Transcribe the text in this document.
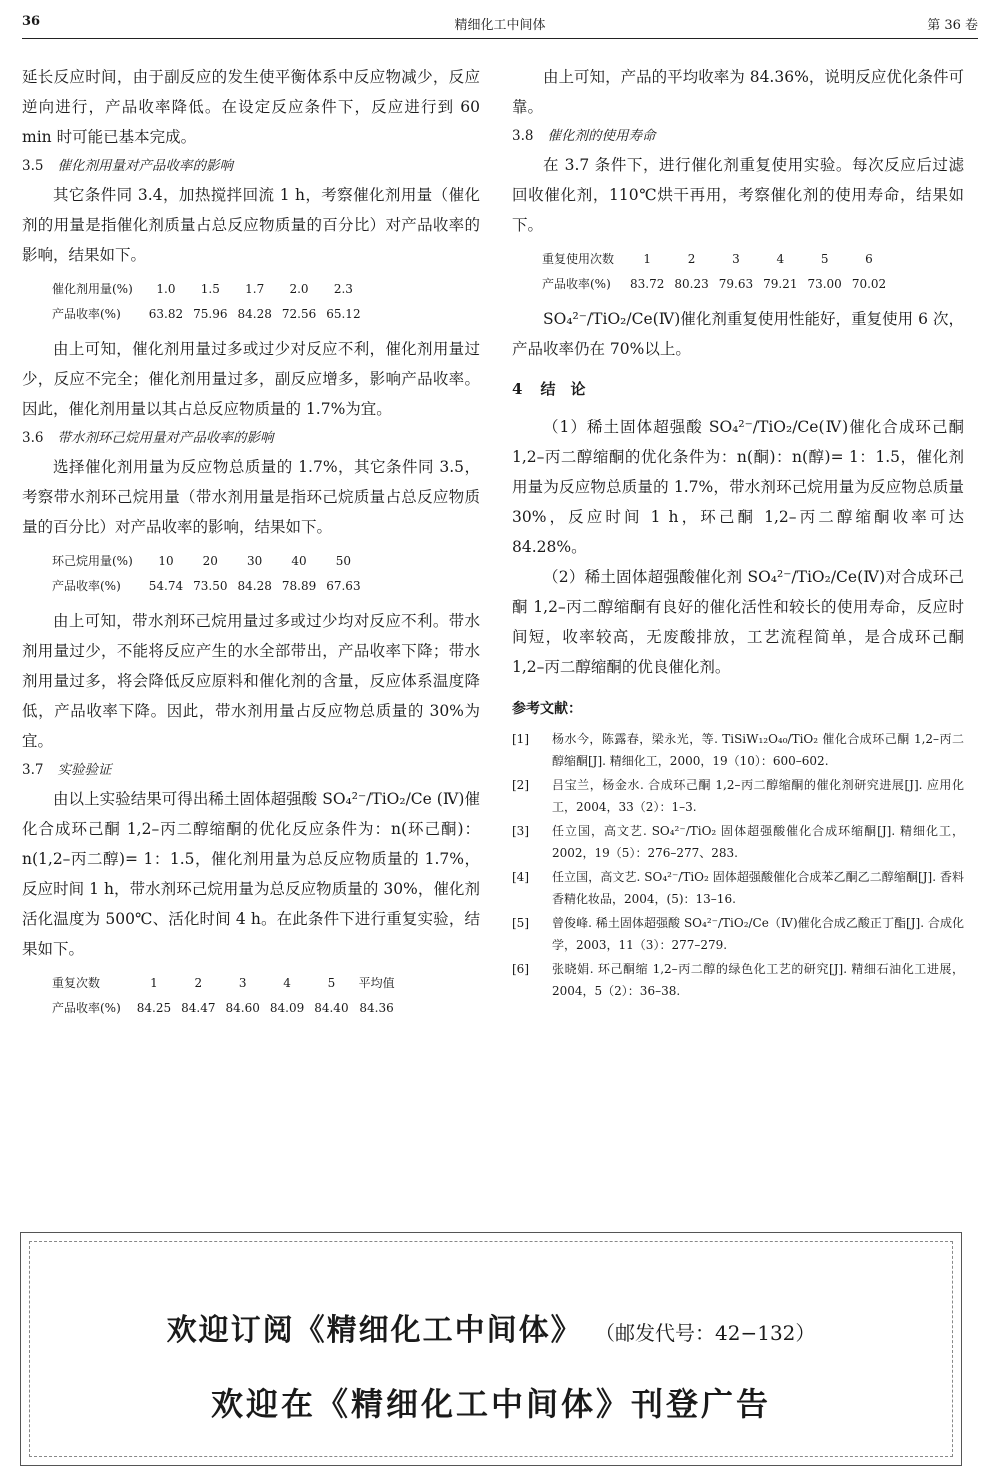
36	精细化工中间体	第 36 卷

延长反应时间，由于副反应的发生使平衡体系中反应物减少，反应逆向进行，产品收率降低。在设定反应条件下，反应进行到 60 min 时可能已基本完成。

3.5 催化剂用量对产品收率的影响

其它条件同 3.4，加热搅拌回流 1 h，考察催化剂用量（催化剂的用量是指催化剂质量占总反应物质量的百分比）对产品收率的影响，结果如下。

催化剂用量(%)	1.0	1.5	1.7	2.0	2.3
产品收率(%)	63.82	75.96	84.28	72.56	65.12

由上可知，催化剂用量过多或过少对反应不利，催化剂用量过少，反应不完全；催化剂用量过多，副反应增多，影响产品收率。因此，催化剂用量以其占总反应物质量的 1.7%为宜。

3.6 带水剂环己烷用量对产品收率的影响

选择催化剂用量为反应物总质量的 1.7%，其它条件同 3.5，考察带水剂环己烷用量（带水剂用量是指环己烷质量占总反应物质量的百分比）对产品收率的影响，结果如下。

环己烷用量(%)	10	20	30	40	50
产品收率(%)	54.74	73.50	84.28	78.89	67.63

由上可知，带水剂环己烷用量过多或过少均对反应不利。带水剂用量过少，不能将反应产生的水全部带出，产品收率下降；带水剂用量过多，将会降低反应原料和催化剂的含量，反应体系温度降低，产品收率下降。因此，带水剂用量占反应物总质量的 30%为宜。

3.7 实验验证

由以上实验结果可得出稀土固体超强酸 SO₄²⁻/TiO₂/Ce (Ⅳ)催化合成环己酮 1,2–丙二醇缩酮的优化反应条件为：n(环己酮)：n(1,2–丙二醇)= 1：1.5，催化剂用量为总反应物质量的 1.7%，反应时间 1 h，带水剂环己烷用量为总反应物质量的 30%，催化剂活化温度为 500℃、活化时间 4 h。在此条件下进行重复实验，结果如下。

重复次数	1	2	3	4	5	平均值
产品收率(%)	84.25	84.47	84.60	84.09	84.40	84.36

由上可知，产品的平均收率为 84.36%，说明反应优化条件可靠。

3.8 催化剂的使用寿命

在 3.7 条件下，进行催化剂重复使用实验。每次反应后过滤回收催化剂，110℃烘干再用，考察催化剂的使用寿命，结果如下。

重复使用次数	1	2	3	4	5	6
产品收率(%)	83.72	80.23	79.63	79.21	73.00	70.02

SO₄²⁻/TiO₂/Ce(Ⅳ)催化剂重复使用性能好，重复使用 6 次，产品收率仍在 70%以上。

4 结　论

（1）稀土固体超强酸 SO₄²⁻/TiO₂/Ce(Ⅳ)催化合成环己酮 1,2–丙二醇缩酮的优化条件为：n(酮)：n(醇)= 1：1.5，催化剂用量为反应物总质量的 1.7%，带水剂环己烷用量为反应物总质量 30%，反应时间 1 h，环己酮 1,2–丙二醇缩酮收率可达 84.28%。

（2）稀土固体超强酸催化剂 SO₄²⁻/TiO₂/Ce(Ⅳ)对合成环己酮 1,2–丙二醇缩酮有良好的催化活性和较长的使用寿命，反应时间短，收率较高，无废酸排放，工艺流程简单，是合成环己酮 1,2–丙二醇缩酮的优良催化剂。

参考文献：
[1]	杨水今，陈露春，梁永光，等. TiSiW₁₂O₄₀/TiO₂ 催化合成环己酮 1,2–丙二醇缩酮[J]. 精细化工，2000，19（10）：600–602.
[2]	吕宝兰，杨金水. 合成环己酮 1,2–丙二醇缩酮的催化剂研究进展[J]. 应用化工，2004，33（2）：1–3.
[3]	任立国，高文艺. SO₄²⁻/TiO₂ 固体超强酸催化合成环缩酮[J]. 精细化工，2002，19（5）：276–277、283.
[4]	任立国，高文艺. SO₄²⁻/TiO₂ 固体超强酸催化合成苯乙酮乙二醇缩酮[J]. 香料香精化妆品，2004，(5)：13–16.
[5]	曾俊峰. 稀土固体超强酸 SO₄²⁻/TiO₂/Ce（Ⅳ)催化合成乙酸正丁酯[J]. 合成化学，2003，11（3）：277–279.
[6]	张晓娟. 环己酮缩 1,2–丙二醇的绿色化工艺的研究[J]. 精细石油化工进展，2004，5（2）：36–38.
欢迎订阅《精细化工中间体》 （邮发代号：42−132）
欢迎在《精细化工中间体》刊登广告
